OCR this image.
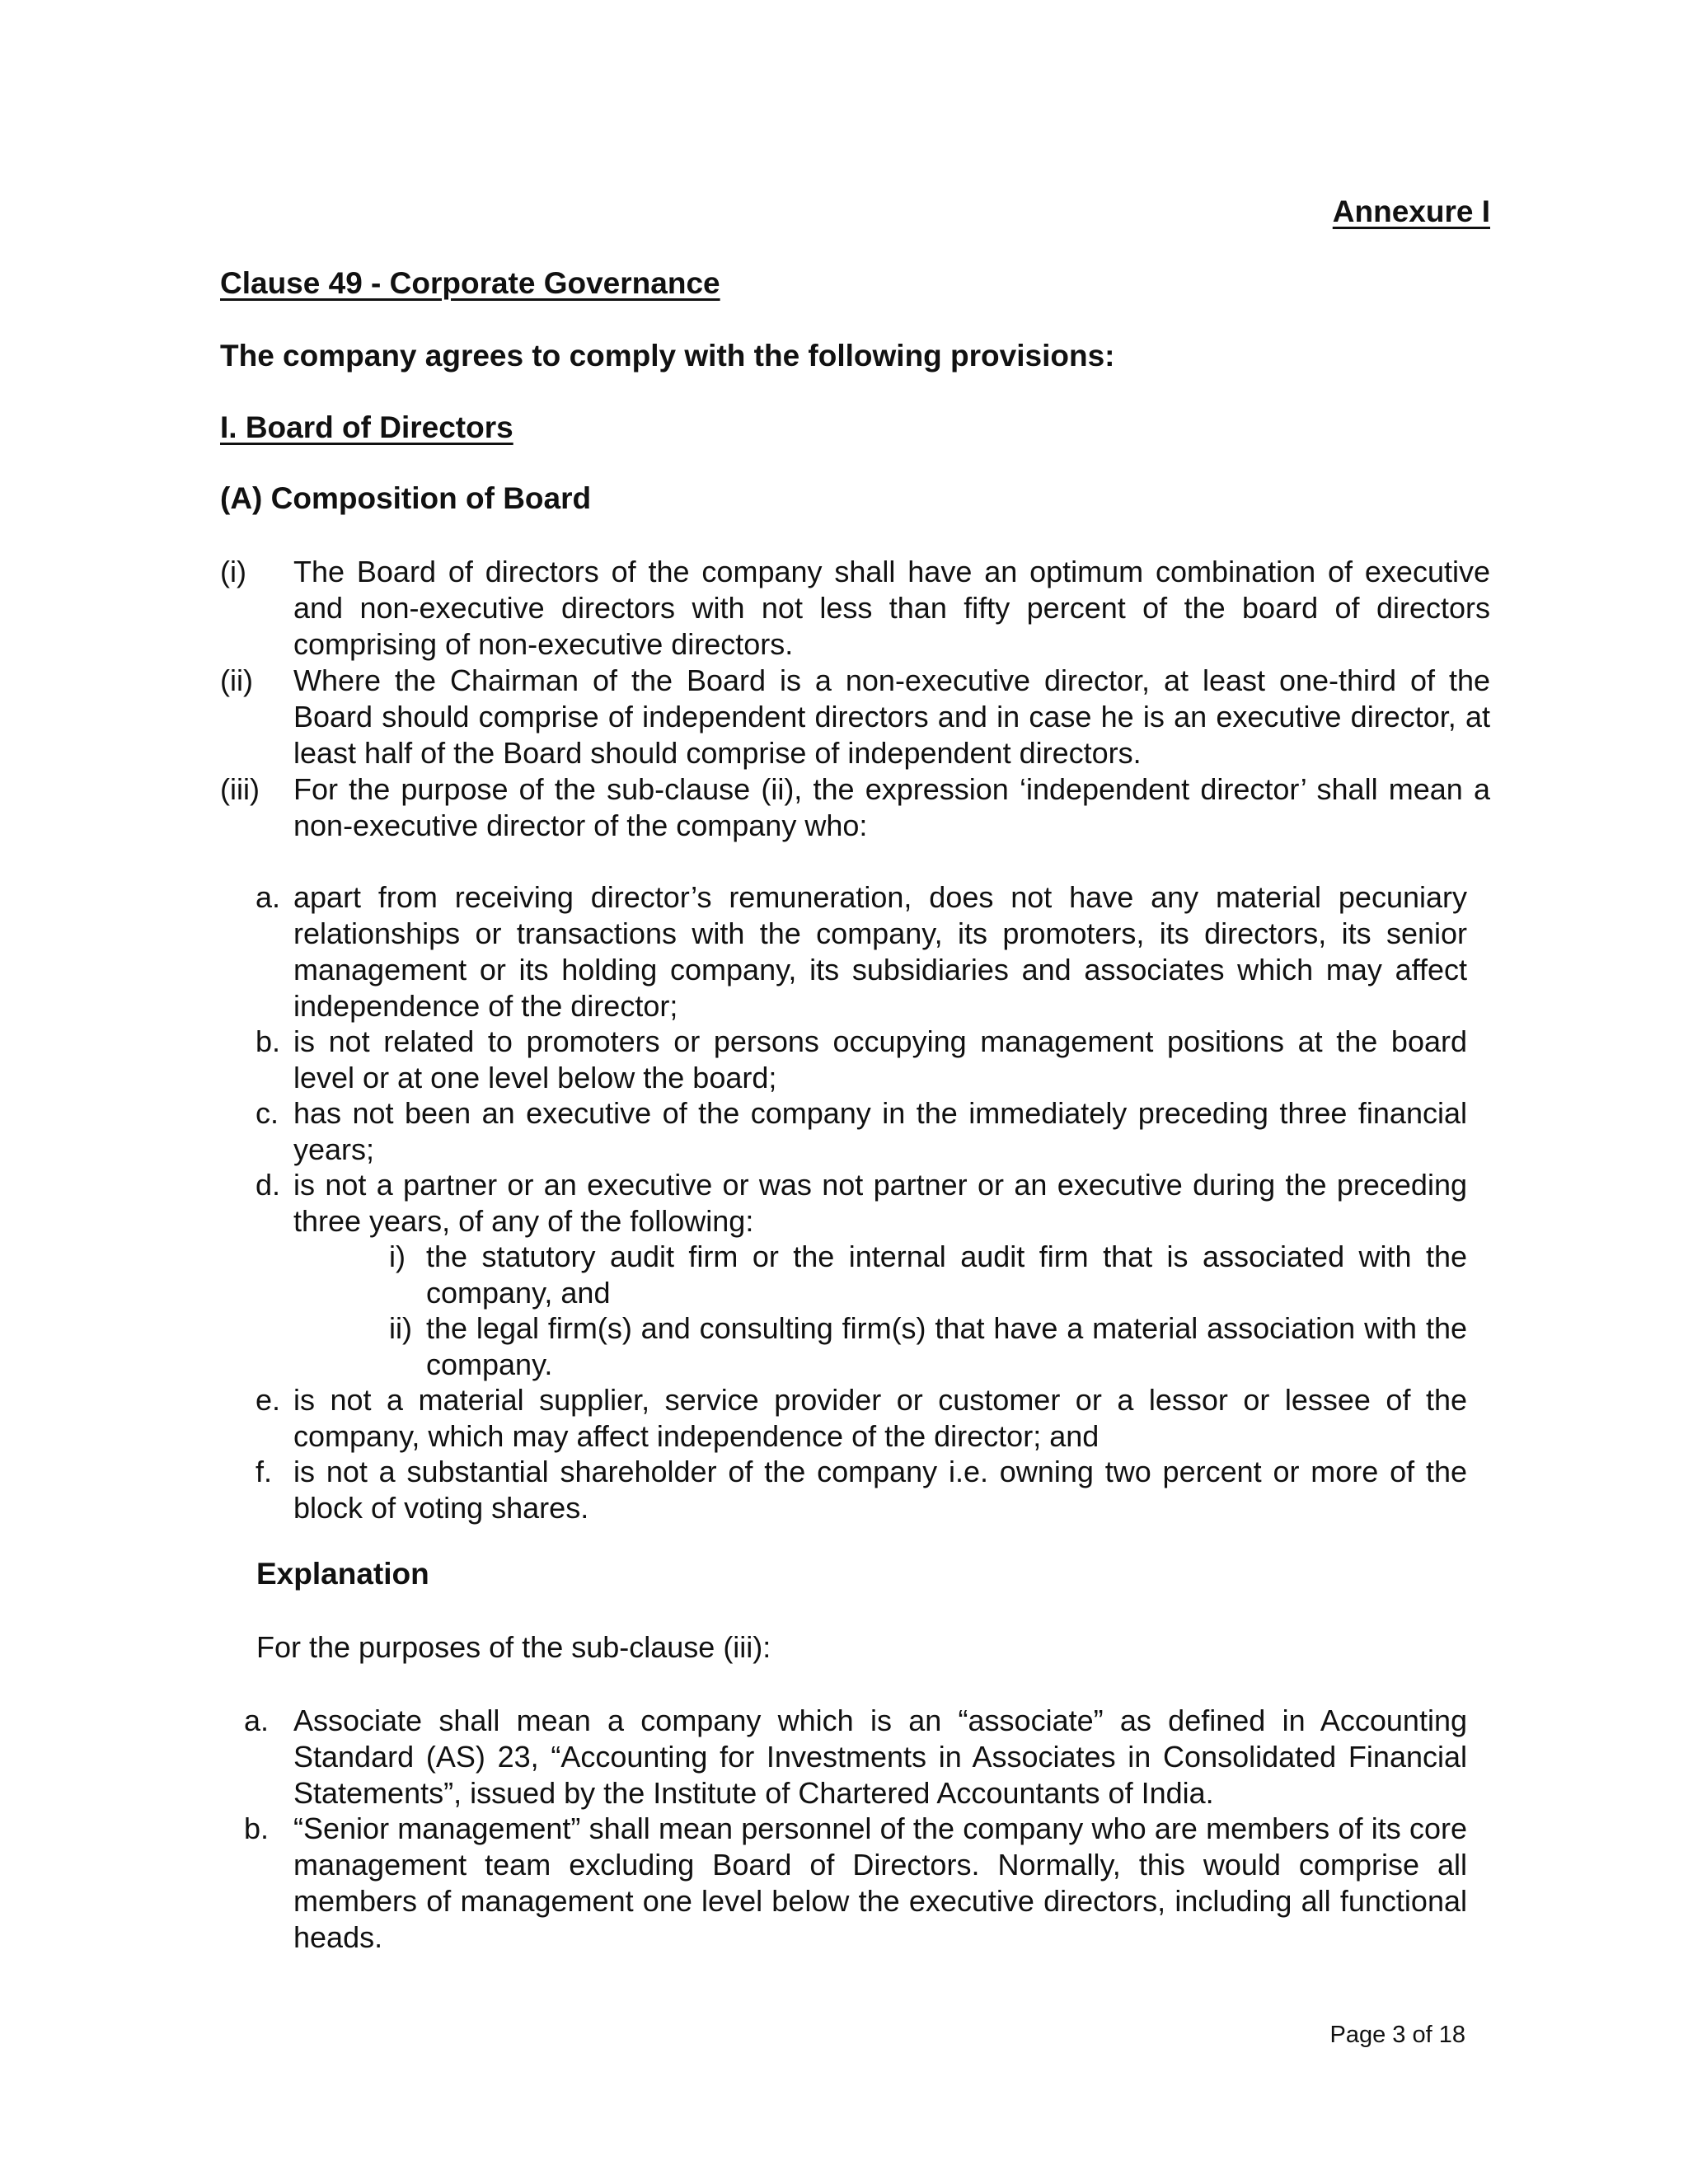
Annexure I
Clause 49 - Corporate Governance
The company agrees to comply with the following provisions:
I. Board of Directors
(A) Composition of Board
(i) The Board of directors of the company shall have an optimum combination of executive and non-executive directors with not less than fifty percent of the board of directors comprising of non-executive directors.
(ii) Where the Chairman of the Board is a non-executive director, at least one-third of the Board should comprise of independent directors and in case he is an executive director, at least half of the Board should comprise of independent directors.
(iii) For the purpose of the sub-clause (ii), the expression ‘independent director’ shall mean a non-executive director of the company who:
a. apart from receiving director’s remuneration, does not have any material pecuniary relationships or transactions with the company, its promoters, its directors, its senior management or its holding company, its subsidiaries and associates which may affect independence of the director;
b. is not related to promoters or persons occupying management positions at the board level or at one level below the board;
c. has not been an executive of the company in the immediately preceding three financial years;
d. is not a partner or an executive or was not partner or an executive during the preceding three years, of any of the following:
i) the statutory audit firm or the internal audit firm that is associated with the company, and
ii) the legal firm(s) and consulting firm(s) that have a material association with the company.
e. is not a material supplier, service provider or customer or a lessor or lessee of the company, which may affect independence of the director; and
f. is not a substantial shareholder of the company i.e. owning two percent or more of the block of voting shares.
Explanation
For the purposes of the sub-clause (iii):
a. Associate shall mean a company which is an “associate” as defined in Accounting Standard (AS) 23, “Accounting for Investments in Associates in Consolidated Financial Statements”, issued by the Institute of Chartered Accountants of India.
b. “Senior management” shall mean personnel of the company who are members of its core management team excluding Board of Directors. Normally, this would comprise all members of management one level below the executive directors, including all functional heads.
Page 3 of 18
